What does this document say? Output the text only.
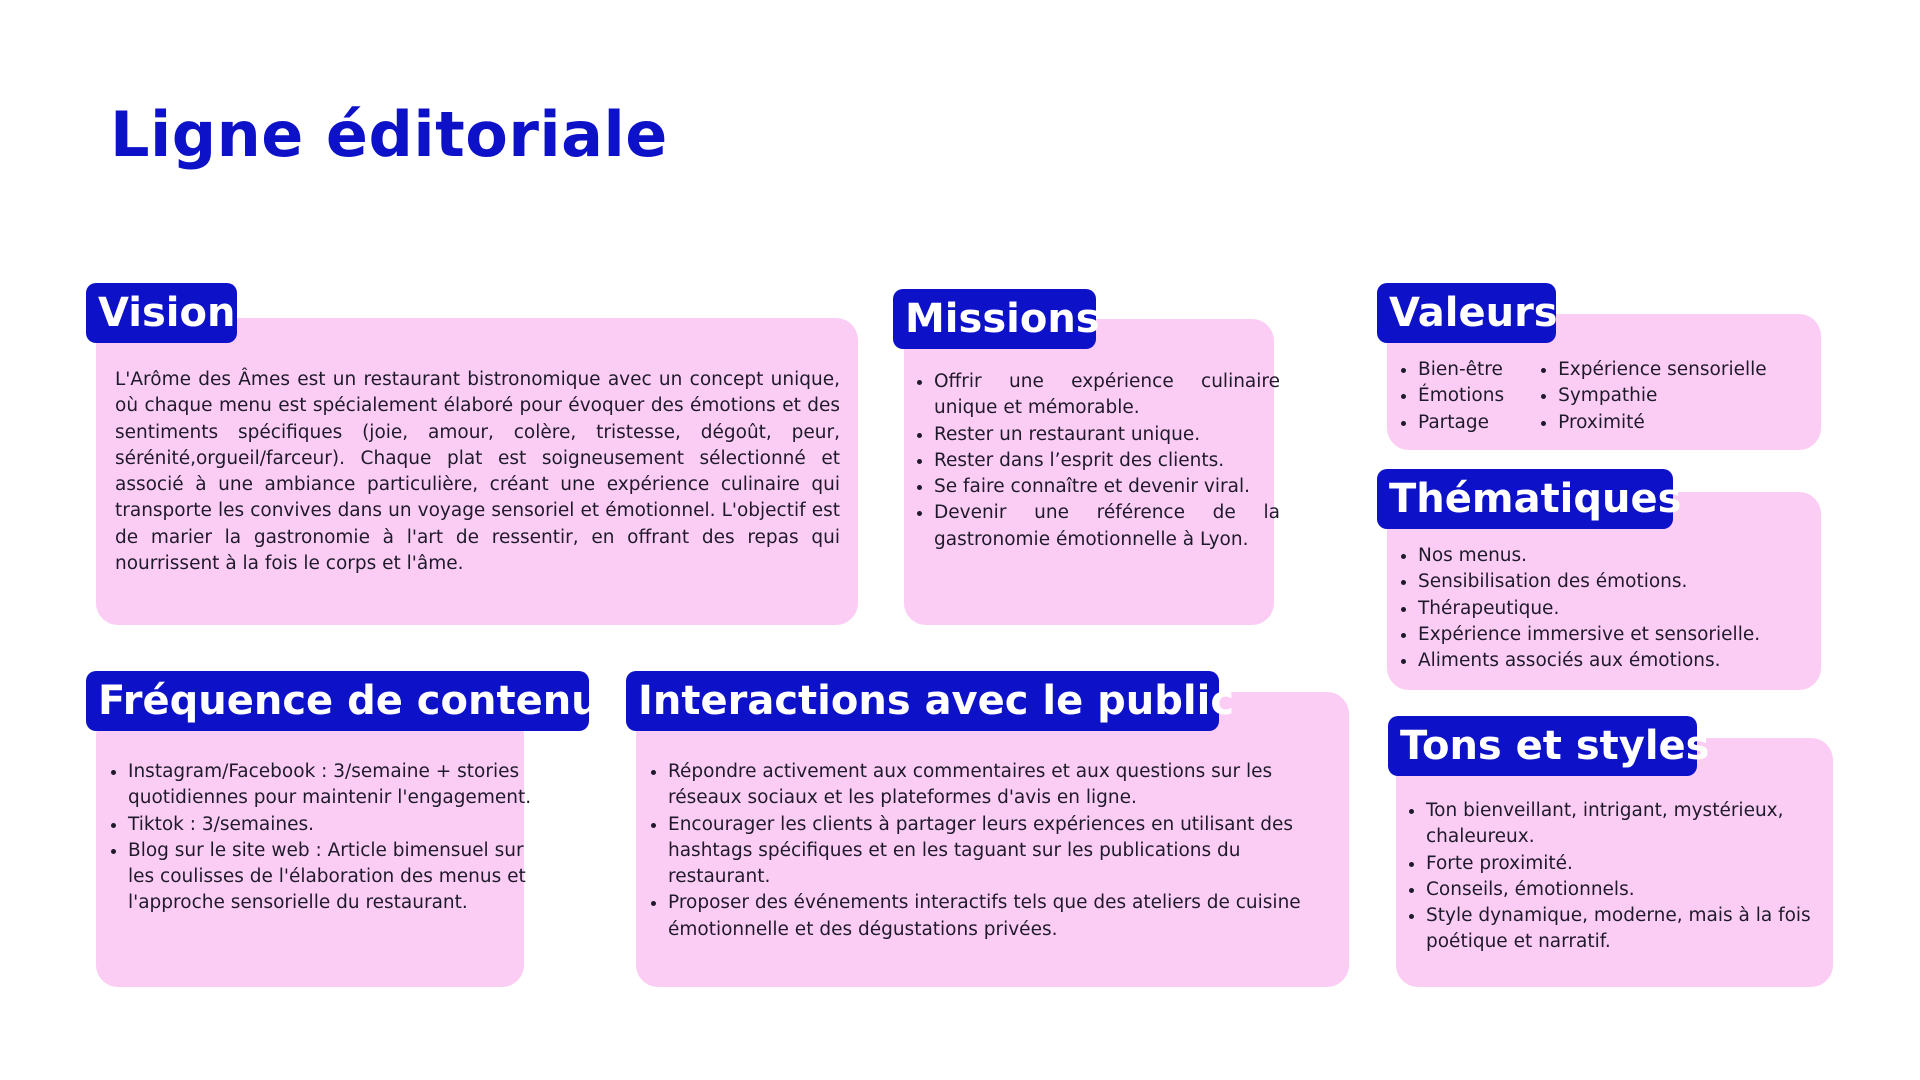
Ligne éditoriale

L'Arôme des Âmes est un restaurant bistronomique avec un concept unique, où chaque menu est spécialement élaboré pour évoquer des émotions et des sentiments spécifiques (joie, amour, colère, tristesse, dégoût, peur, sérénité,orgueil/farceur). Chaque plat est soigneusement sélectionné et associé à une ambiance particulière, créant une expérience culinaire qui transporte les convives dans un voyage sensoriel et émotionnel. L'objectif est de marier la gastronomie à l'art de ressentir, en offrant des repas qui nourrissent à la fois le corps et l'âme.

Vision
• Offrir une expérience culinaire unique et mémorable.
• Rester un restaurant unique.
• Rester dans l’esprit des clients.
• Se faire connaître et devenir viral.
• Devenir une référence de la gastronomie émotionnelle à Lyon.
Missions
• Bien-être
• Émotions
• Partage
• Expérience sensorielle
• Sympathie
• Proximité
Valeurs
• Nos menus.
• Sensibilisation des émotions.
• Thérapeutique.
• Expérience immersive et sensorielle.
• Aliments associés aux émotions.
Thématiques
• Instagram/Facebook : 3/semaine + stories quotidiennes pour maintenir l'engagement.
• Tiktok : 3/semaines.
• Blog sur le site web : Article bimensuel sur les coulisses de l'élaboration des menus et l'approche sensorielle du restaurant.
Fréquence de contenu
• Répondre activement aux commentaires et aux questions sur les réseaux sociaux et les plateformes d'avis en ligne.
• Encourager les clients à partager leurs expériences en utilisant des hashtags spécifiques et en les taguant sur les publications du restaurant.
• Proposer des événements interactifs tels que des ateliers de cuisine émotionnelle et des dégustations privées.
Interactions avec le public
• Ton bienveillant, intrigant, mystérieux, chaleureux.
• Forte proximité.
• Conseils, émotionnels.
• Style dynamique, moderne, mais à la fois poétique et narratif.
Tons et styles
